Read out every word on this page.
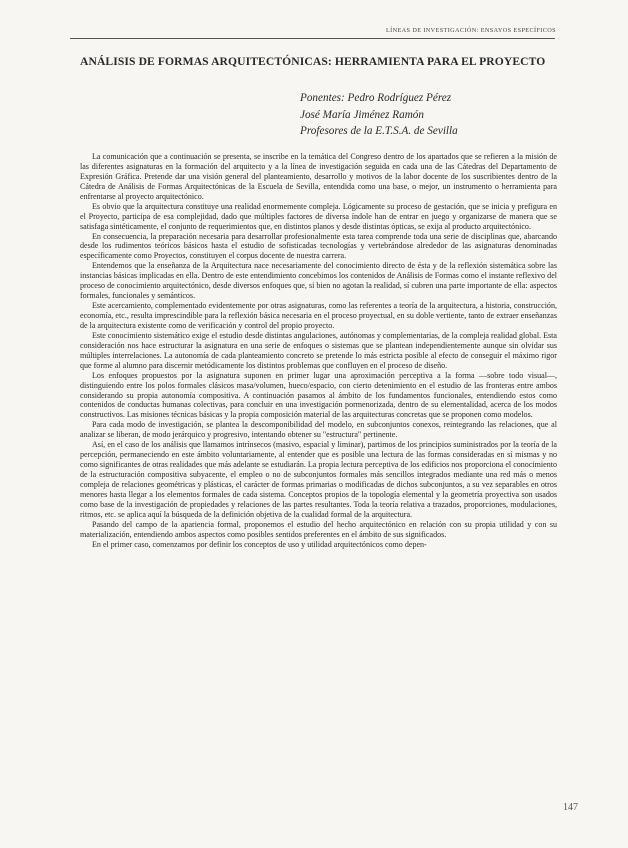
LÍNEAS DE INVESTIGACIÓN: ENSAYOS ESPECÍFICOS
ANÁLISIS DE FORMAS ARQUITECTÓNICAS: HERRAMIENTA PARA EL PROYECTO
Ponentes: Pedro Rodríguez Pérez
José María Jiménez Ramón
Profesores de la E.T.S.A. de Sevilla

La comunicación que a continuación se presenta, se inscribe en la temática del Congreso dentro de los apartados que se refieren a la misión de las diferentes asignaturas en la formación del arquitecto y a la línea de investigación seguida en cada una de las Cátedras del Departamento de Expresión Gráfica. Pretende dar una visión general del planteamiento, desarrollo y motivos de la labor docente de los suscribientes dentro de la Cátedra de Análisis de Formas Arquitectónicas de la Escuela de Sevilla, entendida como una base, o mejor, un instrumento o herramienta para enfrentarse al proyecto arquitectónico.

Es obvio que la arquitectura constituye una realidad enormemente compleja. Lógicamente su proceso de gestación, que se inicia y prefigura en el Proyecto, participa de esa complejidad, dado que múltiples factores de diversa índole han de entrar en juego y organizarse de manera que se satisfaga sintéticamente, el conjunto de requerimientos que, en distintos planos y desde distintas ópticas, se exija al producto arquitectónico.

En consecuencia, la preparación necesaria para desarrollar profesionalmente esta tarea comprende toda una serie de disciplinas que, abarcando desde los rudimentos teóricos básicos hasta el estudio de sofisticadas tecnologías y vertebrándose alrededor de las asignaturas denominadas específicamente como Proyectos, constituyen el corpus docente de nuestra carrera.

Entendemos que la enseñanza de la Arquitectura nace necesariamente del conocimiento directo de ésta y de la reflexión sistemática sobre las instancias básicas implicadas en ella. Dentro de este entendimiento concebimos los contenidos de Análisis de Formas como el instante reflexivo del proceso de conocimiento arquitectónico, desde diversos enfoques que, si bien no agotan la realidad, sí cubren una parte importante de ella: aspectos formales, funcionales y semánticos.

Este acercamiento, complementado evidentemente por otras asignaturas, como las referentes a teoría de la arquitectura, a historia, construcción, economía, etc., resulta imprescindible para la reflexión básica necesaria en el proceso proyectual, en su doble vertiente, tanto de extraer enseñanzas de la arquitectura existente como de verificación y control del propio proyecto.

Este conocimiento sistemático exige el estudio desde distintas angulaciones, autónomas y complementarias, de la compleja realidad global. Esta consideración nos hace estructurar la asignatura en una serie de enfoques o sistemas que se plantean independientemente aunque sin olvidar sus múltiples interrelaciones. La autonomía de cada planteamiento concreto se pretende lo más estricta posible al efecto de conseguir el máximo rigor que forme al alumno para discernir metódicamente los distintos problemas que confluyen en el proceso de diseño.

Los enfoques propuestos por la asignatura suponen en primer lugar una aproximación perceptiva a la forma —sobre todo visual—, distinguiendo entre los polos formales clásicos masa/volumen, hueco/espacio, con cierto detenimiento en el estudio de las fronteras entre ambos considerando su propia autonomía compositiva. A continuación pasamos al ámbito de los fundamentos funcionales, entendiendo estos como contenidos de conductas humanas colectivas, para concluir en una investigación pormenorizada, dentro de su elementalidad, acerca de los modos constructivos. Las misiones técnicas básicas y la propia composición material de las arquitecturas concretas que se proponen como modelos.

Para cada modo de investigación, se plantea la descomponibilidad del modelo, en subconjuntos conexos, reintegrando las relaciones, que al analizar se liberan, de modo jerárquico y progresivo, intentando obtener su "estructura" pertinente.

Así, en el caso de los análisis que llamamos intrínsecos (masivo, espacial y liminar), partimos de los principios suministrados por la teoría de la percepción, permaneciendo en este ámbito voluntariamente, al entender que es posible una lectura de las formas consideradas en sí mismas y no como significantes de otras realidades que más adelante se estudiarán. La propia lectura perceptiva de los edificios nos proporciona el conocimiento de la estructuración compositiva subyacente, el empleo o no de subconjuntos formales más sencillos integrados mediante una red más o menos compleja de relaciones geométricas y plásticas, el carácter de formas primarias o modificadas de dichos subconjuntos, a su vez separables en otros menores hasta llegar a los elementos formales de cada sistema. Conceptos propios de la topología elemental y la geometría proyectiva son usados como base de la investigación de propiedades y relaciones de las partes resultantes. Toda la teoría relativa a trazados, proporciones, modulaciones, ritmos, etc. se aplica aquí la búsqueda de la definición objetiva de la cualidad formal de la arquitectura.

Pasando del campo de la apariencia formal, proponemos el estudio del hecho arquitectónico en relación con su propia utilidad y con su materialización, entendiendo ambos aspectos como posibles sentidos preferentes en el ámbito de sus significados.

En el primer caso, comenzamos por definir los conceptos de uso y utilidad arquitectónicos como depen-

147
